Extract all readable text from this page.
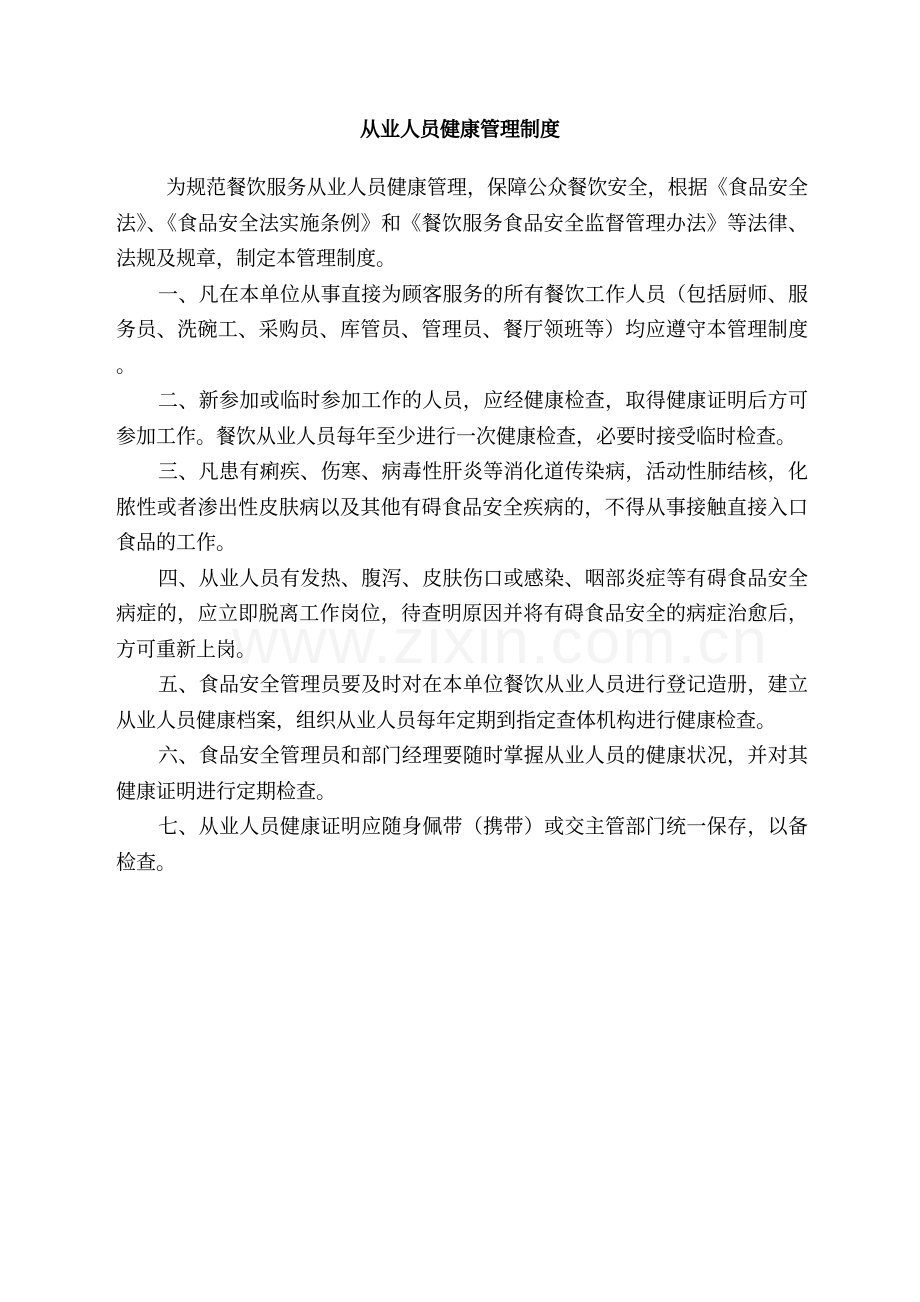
从业人员健康管理制度

为规范餐饮服务从业人员健康管理，保障公众餐饮安全，根据《食品安全法》、《食品安全法实施条例》和《餐饮服务食品安全监督管理办法》等法律、法规及规章，制定本管理制度。

一、凡在本单位从事直接为顾客服务的所有餐饮工作人员（包括厨师、服务员、洗碗工、采购员、库管员、管理员、餐厅领班等）均应遵守本管理制度。

二、新参加或临时参加工作的人员，应经健康检查，取得健康证明后方可参加工作。餐饮从业人员每年至少进行一次健康检查，必要时接受临时检查。

三、凡患有痢疾、伤寒、病毒性肝炎等消化道传染病，活动性肺结核，化脓性或者渗出性皮肤病以及其他有碍食品安全疾病的，不得从事接触直接入口食品的工作。

四、从业人员有发热、腹泻、皮肤伤口或感染、咽部炎症等有碍食品安全病症的，应立即脱离工作岗位，待查明原因并将有碍食品安全的病症治愈后，方可重新上岗。

五、食品安全管理员要及时对在本单位餐饮从业人员进行登记造册，建立从业人员健康档案，组织从业人员每年定期到指定查体机构进行健康检查。

六、食品安全管理员和部门经理要随时掌握从业人员的健康状况，并对其健康证明进行定期检查。

七、从业人员健康证明应随身佩带（携带）或交主管部门统一保存，以备检查。
